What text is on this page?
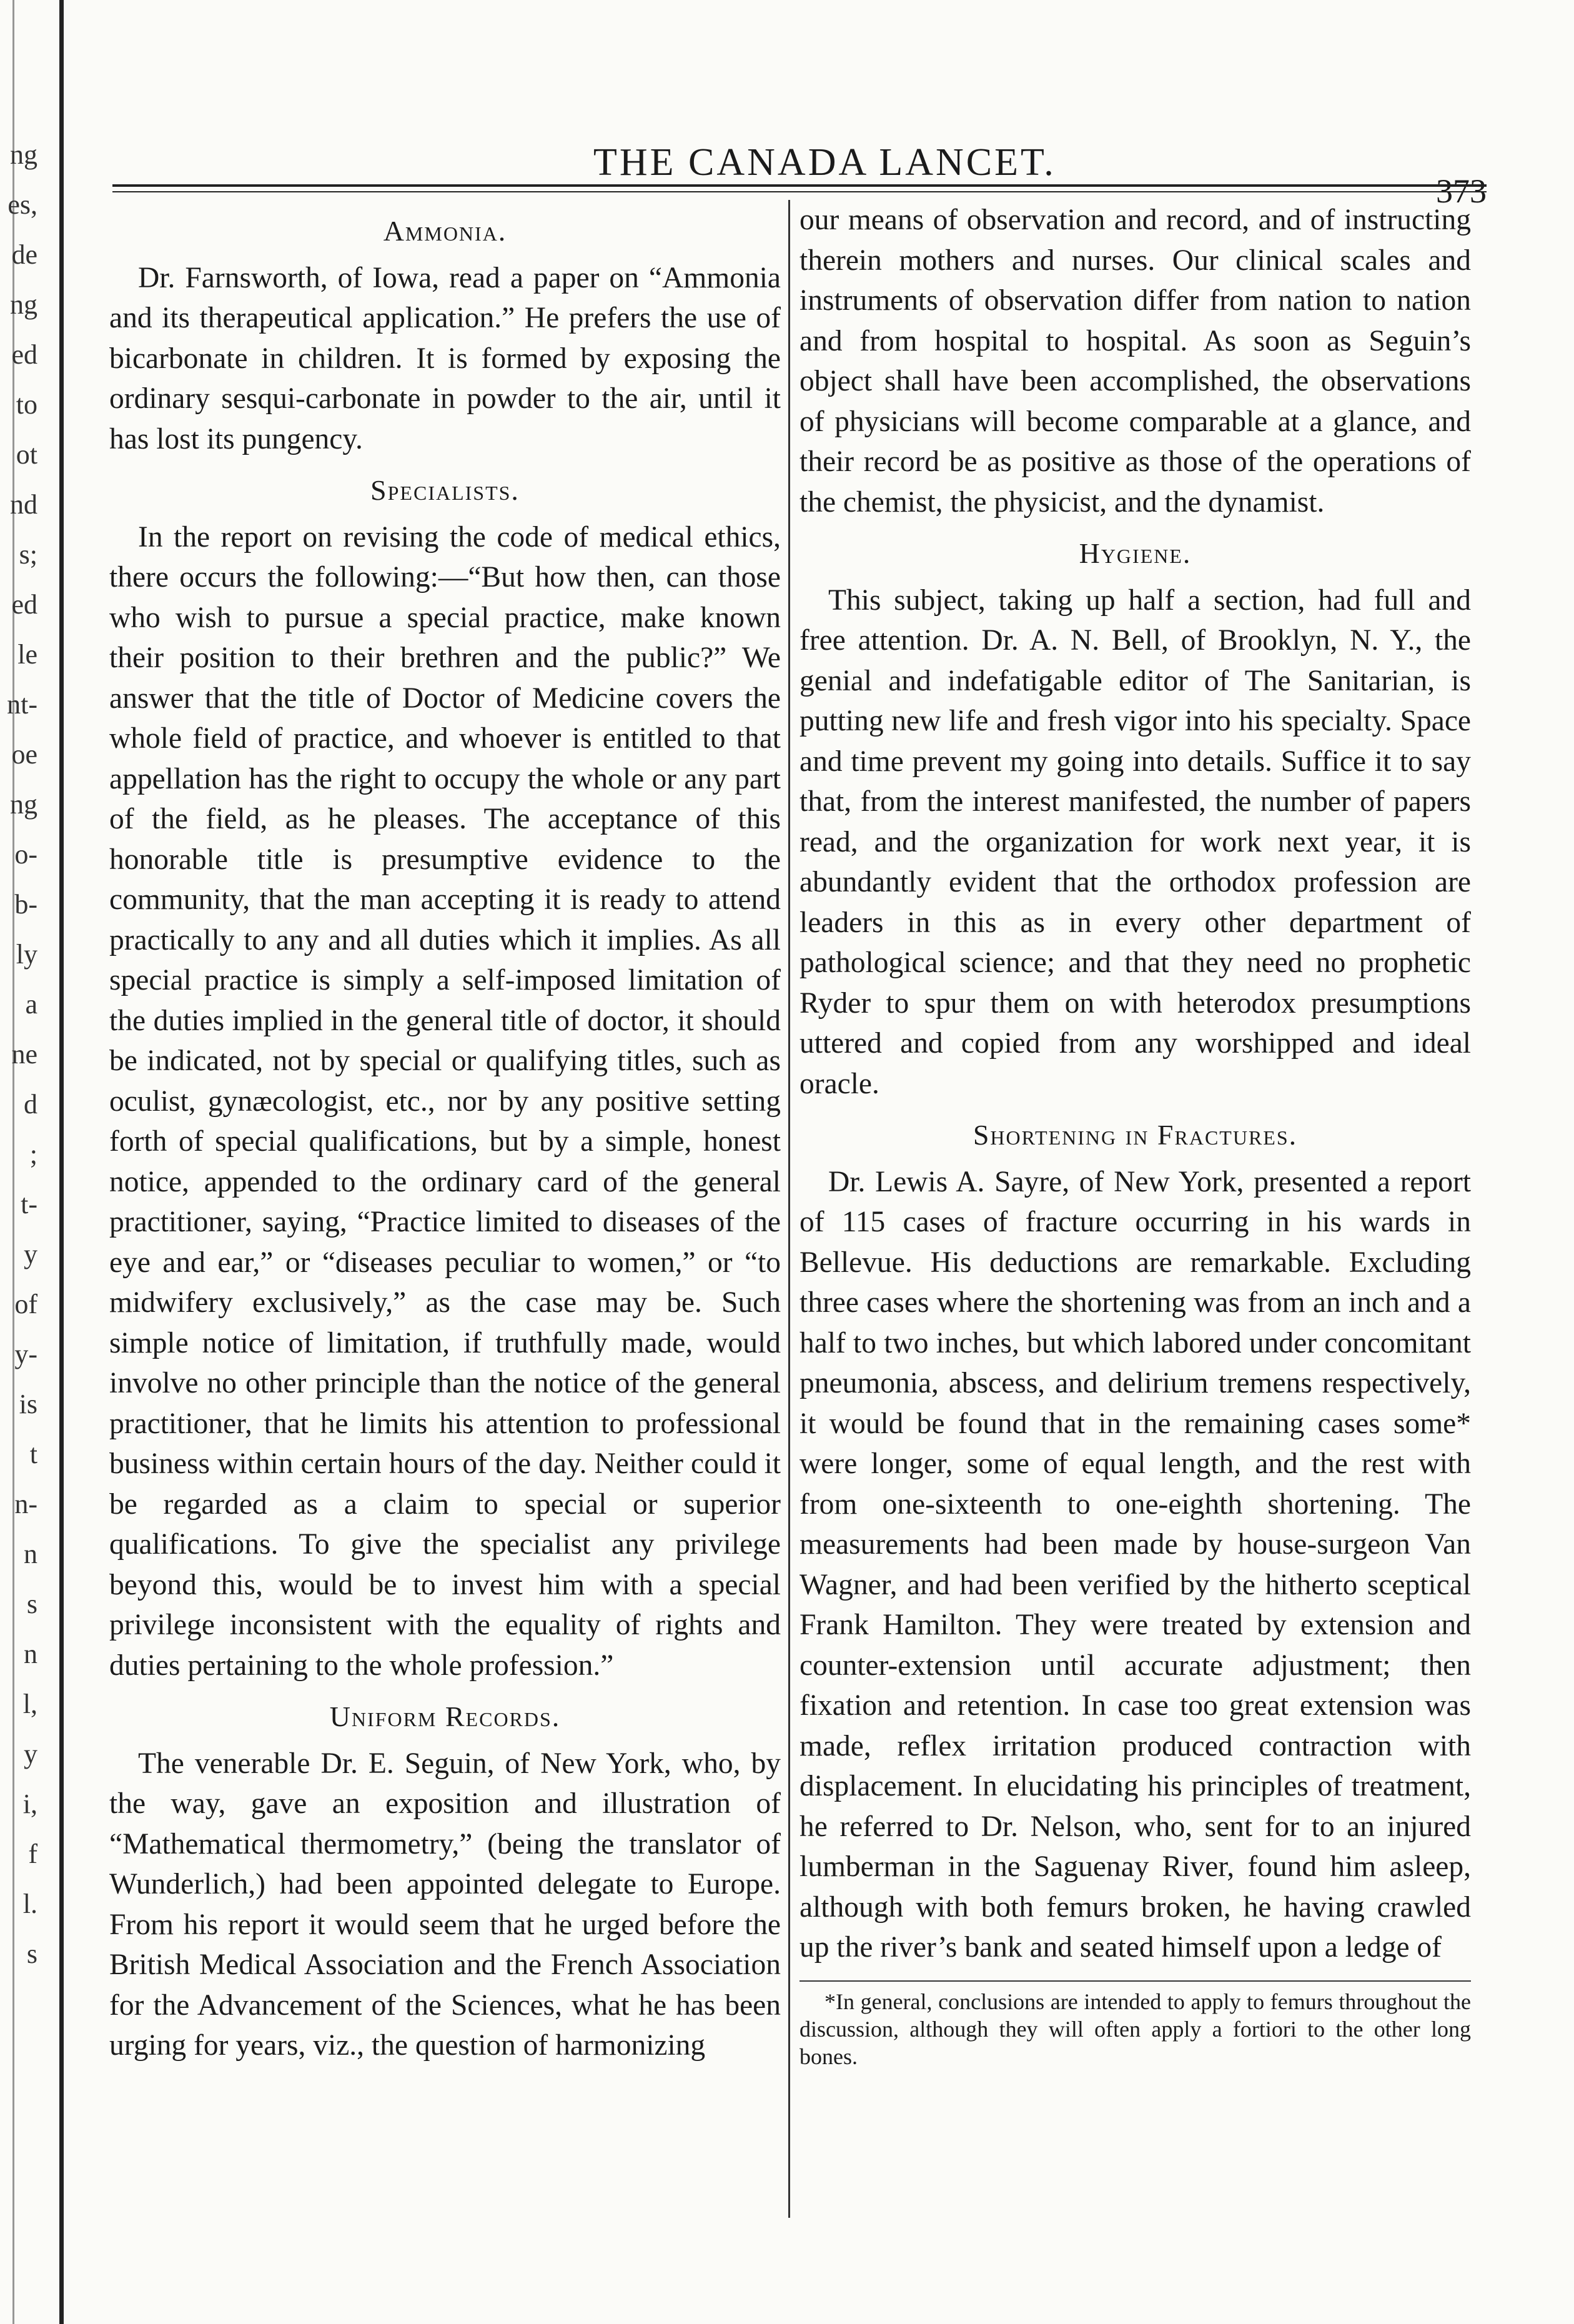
ng
es,
de
ng
ed
to
ot
nd
s;
ed
le
nt-
oe
ng
o-
b-
ly
a
ne
d
;
t-
y
of
y-
is
t
n-
n
s
n
l,
y
i,
f
l.
s
THE CANADA LANCET.
Ammonia.

Dr. Farnsworth, of Iowa, read a paper on “Ammonia and its therapeutical application.” He prefers the use of bicarbonate in children. It is formed by exposing the ordinary sesqui-carbonate in powder to the air, until it has lost its pungency.

Specialists.

In the report on revising the code of medical ethics, there occurs the following:—“But how then, can those who wish to pursue a special practice, make known their position to their brethren and the public?” We answer that the title of Doctor of Medicine covers the whole field of practice, and whoever is entitled to that appellation has the right to occupy the whole or any part of the field, as he pleases. The acceptance of this honorable title is presumptive evidence to the community, that the man accepting it is ready to attend practically to any and all duties which it implies. As all special practice is simply a self-imposed limitation of the duties implied in the general title of doctor, it should be indicated, not by special or qualifying titles, such as oculist, gynæcologist, etc., nor by any positive setting forth of special qualifications, but by a simple, honest notice, appended to the ordinary card of the general practitioner, saying, “Practice limited to diseases of the eye and ear,” or “diseases peculiar to women,” or “to midwifery exclusively,” as the case may be. Such simple notice of limitation, if truthfully made, would involve no other principle than the notice of the general practitioner, that he limits his attention to professional business within certain hours of the day. Neither could it be regarded as a claim to special or superior qualifications. To give the specialist any privilege beyond this, would be to invest him with a special privilege inconsistent with the equality of rights and duties pertaining to the whole profession.”

Uniform Records.

The venerable Dr. E. Seguin, of New York, who, by the way, gave an exposition and illustration of “Mathematical thermometry,” (being the translator of Wunderlich,) had been appointed delegate to Europe. From his report it would seem that he urged before the British Medical Association and the French Association for the Advancement of the Sciences, what he has been urging for years, viz., the question of harmonizing

our means of observation and record, and of instructing therein mothers and nurses. Our clinical scales and instruments of observation differ from nation to nation and from hospital to hospital. As soon as Seguin’s object shall have been accomplished, the observations of physicians will become comparable at a glance, and their record be as positive as those of the operations of the chemist, the physicist, and the dynamist.

Hygiene.

This subject, taking up half a section, had full and free attention. Dr. A. N. Bell, of Brooklyn, N. Y., the genial and indefatigable editor of The Sanitarian, is putting new life and fresh vigor into his specialty. Space and time prevent my going into details. Suffice it to say that, from the interest manifested, the number of papers read, and the organization for work next year, it is abundantly evident that the orthodox profession are leaders in this as in every other department of pathological science; and that they need no prophetic Ryder to spur them on with heterodox presumptions uttered and copied from any worshipped and ideal oracle.

Shortening in Fractures.

Dr. Lewis A. Sayre, of New York, presented a report of 115 cases of fracture occurring in his wards in Bellevue. His deductions are remarkable. Excluding three cases where the shortening was from an inch and a half to two inches, but which labored under concomitant pneumonia, abscess, and delirium tremens respectively, it would be found that in the remaining cases some* were longer, some of equal length, and the rest with from one-sixteenth to one-eighth shortening. The measurements had been made by house-surgeon Van Wagner, and had been verified by the hitherto sceptical Frank Hamilton. They were treated by extension and counter-extension until accurate adjustment; then fixation and retention. In case too great extension was made, reflex irritation produced contraction with displacement. In elucidating his principles of treatment, he referred to Dr. Nelson, who, sent for to an injured lumberman in the Saguenay River, found him asleep, although with both femurs broken, he having crawled up the river’s bank and seated himself upon a ledge of

*In general, conclusions are intended to apply to femurs throughout the discussion, although they will often apply a fortiori to the other long bones.
